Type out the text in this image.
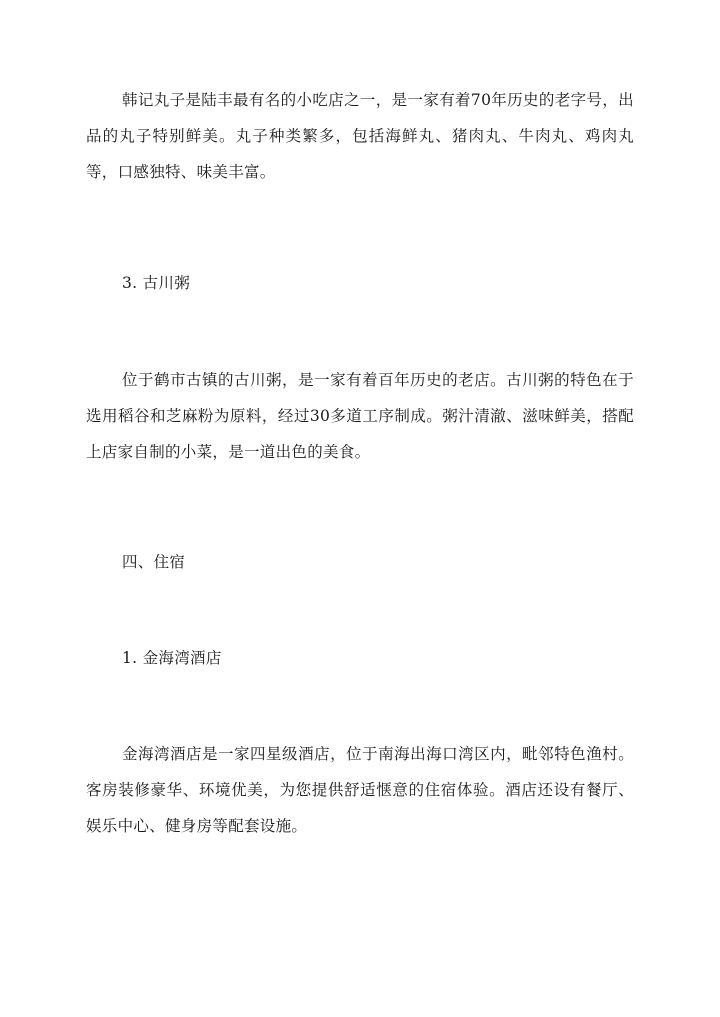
韩记丸子是陆丰最有名的小吃店之一，是一家有着70年历史的老字号，出品的丸子特别鲜美。丸子种类繁多，包括海鲜丸、猪肉丸、牛肉丸、鸡肉丸等，口感独特、味美丰富。

3. 古川粥

位于鹤市古镇的古川粥，是一家有着百年历史的老店。古川粥的特色在于选用稻谷和芝麻粉为原料，经过30多道工序制成。粥汁清澈、滋味鲜美，搭配上店家自制的小菜，是一道出色的美食。

四、住宿

1. 金海湾酒店

金海湾酒店是一家四星级酒店，位于南海出海口湾区内，毗邻特色渔村。客房装修豪华、环境优美，为您提供舒适惬意的住宿体验。酒店还设有餐厅、娱乐中心、健身房等配套设施。
